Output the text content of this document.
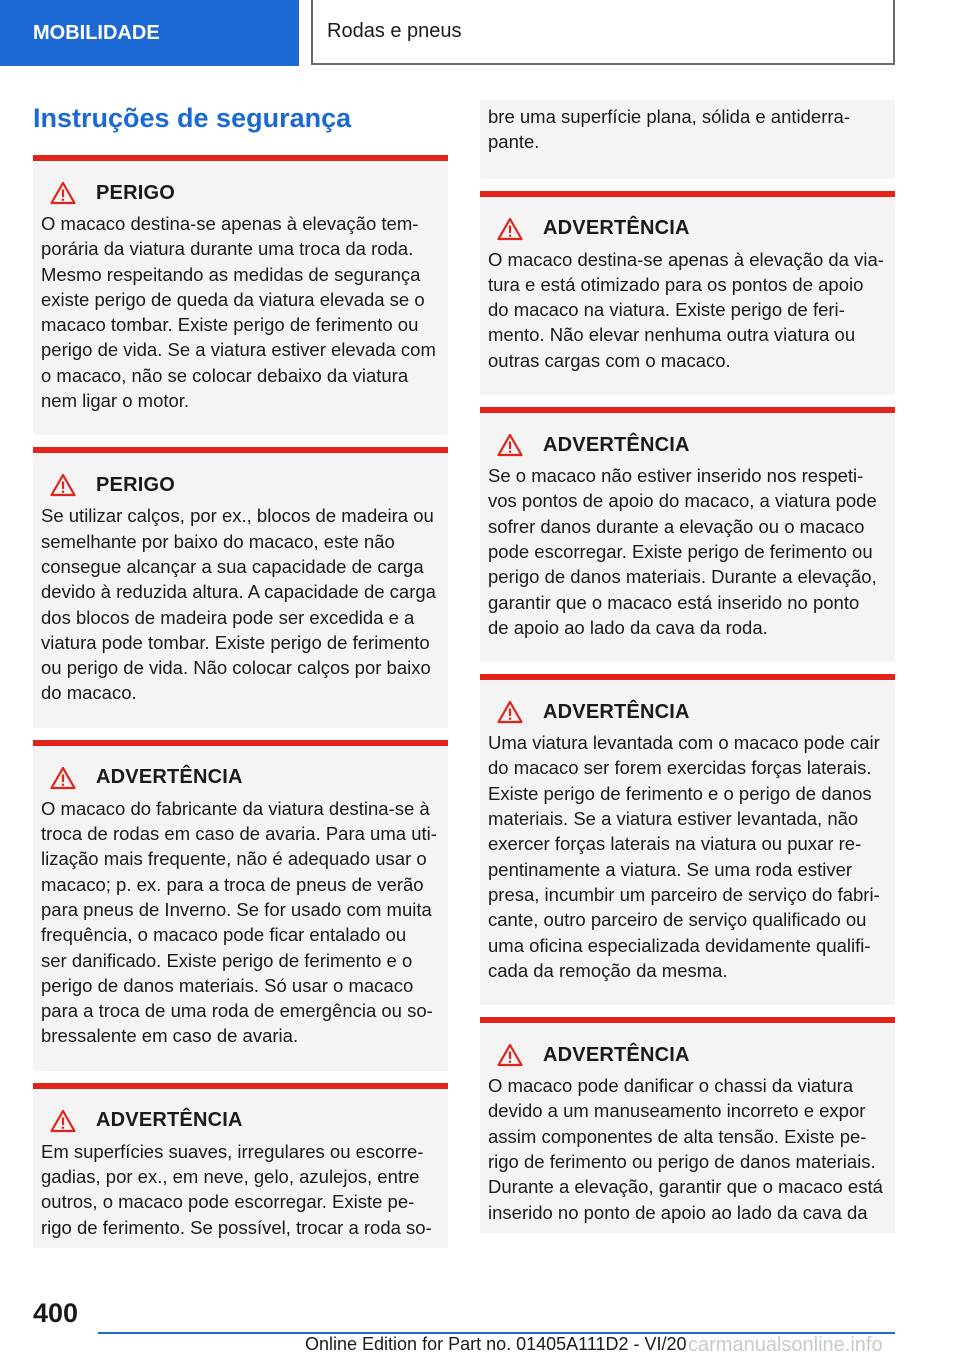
MOBILIDADE	Rodas e pneus
Instruções de segurança
PERIGO
O macaco destina-se apenas à elevação tem-
porária da viatura durante uma troca da roda.
Mesmo respeitando as medidas de segurança
existe perigo de queda da viatura elevada se o
macaco tombar. Existe perigo de ferimento ou
perigo de vida. Se a viatura estiver elevada com
o macaco, não se colocar debaixo da viatura
nem ligar o motor.
PERIGO
Se utilizar calços, por ex., blocos de madeira ou
semelhante por baixo do macaco, este não
consegue alcançar a sua capacidade de carga
devido à reduzida altura. A capacidade de carga
dos blocos de madeira pode ser excedida e a
viatura pode tombar. Existe perigo de ferimento
ou perigo de vida. Não colocar calços por baixo
do macaco.
ADVERTÊNCIA
O macaco do fabricante da viatura destina-se à
troca de rodas em caso de avaria. Para uma uti-
lização mais frequente, não é adequado usar o
macaco; p. ex. para a troca de pneus de verão
para pneus de Inverno. Se for usado com muita
frequência, o macaco pode ficar entalado ou
ser danificado. Existe perigo de ferimento e o
perigo de danos materiais. Só usar o macaco
para a troca de uma roda de emergência ou so-
bressalente em caso de avaria.
ADVERTÊNCIA
Em superfícies suaves, irregulares ou escorre-
gadias, por ex., em neve, gelo, azulejos, entre
outros, o macaco pode escorregar. Existe pe-
rigo de ferimento. Se possível, trocar a roda so-
bre uma superfície plana, sólida e antiderra-
pante.
ADVERTÊNCIA
O macaco destina-se apenas à elevação da via-
tura e está otimizado para os pontos de apoio
do macaco na viatura. Existe perigo de feri-
mento. Não elevar nenhuma outra viatura ou
outras cargas com o macaco.
ADVERTÊNCIA
Se o macaco não estiver inserido nos respeti-
vos pontos de apoio do macaco, a viatura pode
sofrer danos durante a elevação ou o macaco
pode escorregar. Existe perigo de ferimento ou
perigo de danos materiais. Durante a elevação,
garantir que o macaco está inserido no ponto
de apoio ao lado da cava da roda.
ADVERTÊNCIA
Uma viatura levantada com o macaco pode cair
do macaco ser forem exercidas forças laterais.
Existe perigo de ferimento e o perigo de danos
materiais. Se a viatura estiver levantada, não
exercer forças laterais na viatura ou puxar re-
pentinamente a viatura. Se uma roda estiver
presa, incumbir um parceiro de serviço do fabri-
cante, outro parceiro de serviço qualificado ou
uma oficina especializada devidamente qualifi-
cada da remoção da mesma.
ADVERTÊNCIA
O macaco pode danificar o chassi da viatura
devido a um manuseamento incorreto e expor
assim componentes de alta tensão. Existe pe-
rigo de ferimento ou perigo de danos materiais.
Durante a elevação, garantir que o macaco está
inserido no ponto de apoio ao lado da cava da
400
Online Edition for Part no. 01405A111D2 - VI/20 carmanualsonline.info
